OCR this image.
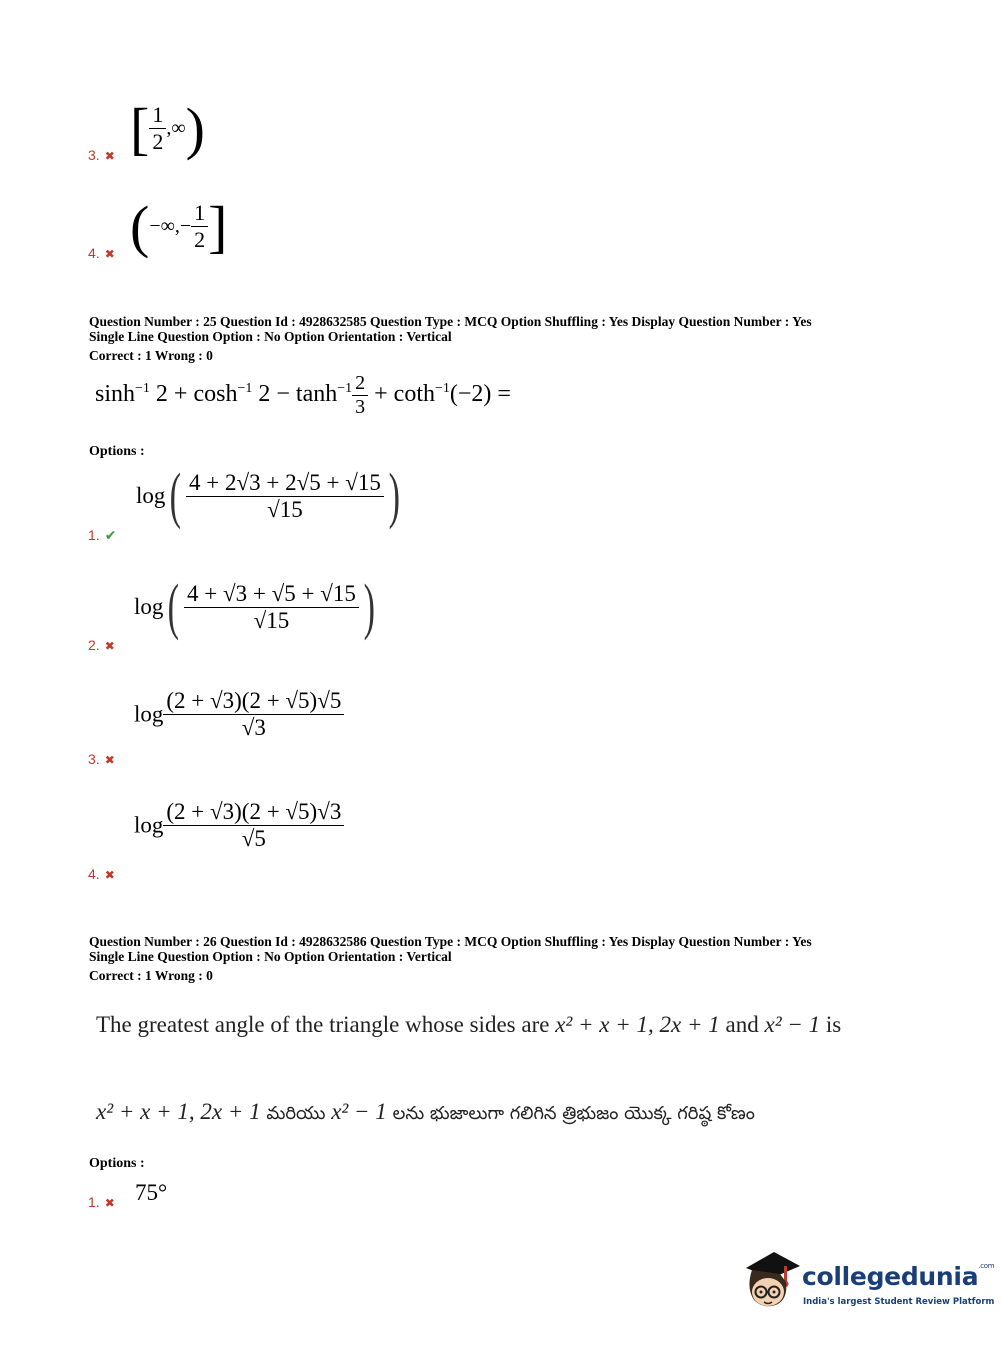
[ $\frac{1}{2}$ ,∞)
3. ✖
(−∞,− $\frac{1}{2}$ ]
4. ✖
Question Number : 25 Question Id : 4928632585 Question Type : MCQ Option Shuffling : Yes Display Question Number : Yes
Single Line Question Option : No Option Orientation : Vertical
Correct : 1 Wrong : 0
$\sinh^{-1} 2 + \cosh^{-1} 2 - \tanh^{-1} \frac{2}{3} + \cot h^{-1}(-2)$ =
Options :
$\log( \frac{4 + 2√3 + 2√5 + √15}{√15}$ )
1. ✔
$\log( \frac{4 + √3 + √5 + √15}{√15}$ )
2. ✖
$\log \frac{(2 + √3)(2 + √5)√5}{√3}$
3. ✖
$\log \frac{(2 + √3)(2 + √5)√3}{√5}$
4. ✖
Question Number : 26 Question Id : 4928632586 Question Type : MCQ Option Shuffling : Yes Display Question Number : Yes
Single Line Question Option : No Option Orientation : Vertical
Correct : 1 Wrong : 0
The greatest angle of the triangle whose sides are x² + x + 1, 2x + 1 and x² − 1 is
x² + x + 1, 2x + 1 మరియు x² − 1 లను భుజాలుగా గలిగిన త్రిభుజం యొక్క గరిష్ఠ కోణం
Options :
1. ✖ 75°
collegedunia$^{.com}$
India's largest Student Review Platform
